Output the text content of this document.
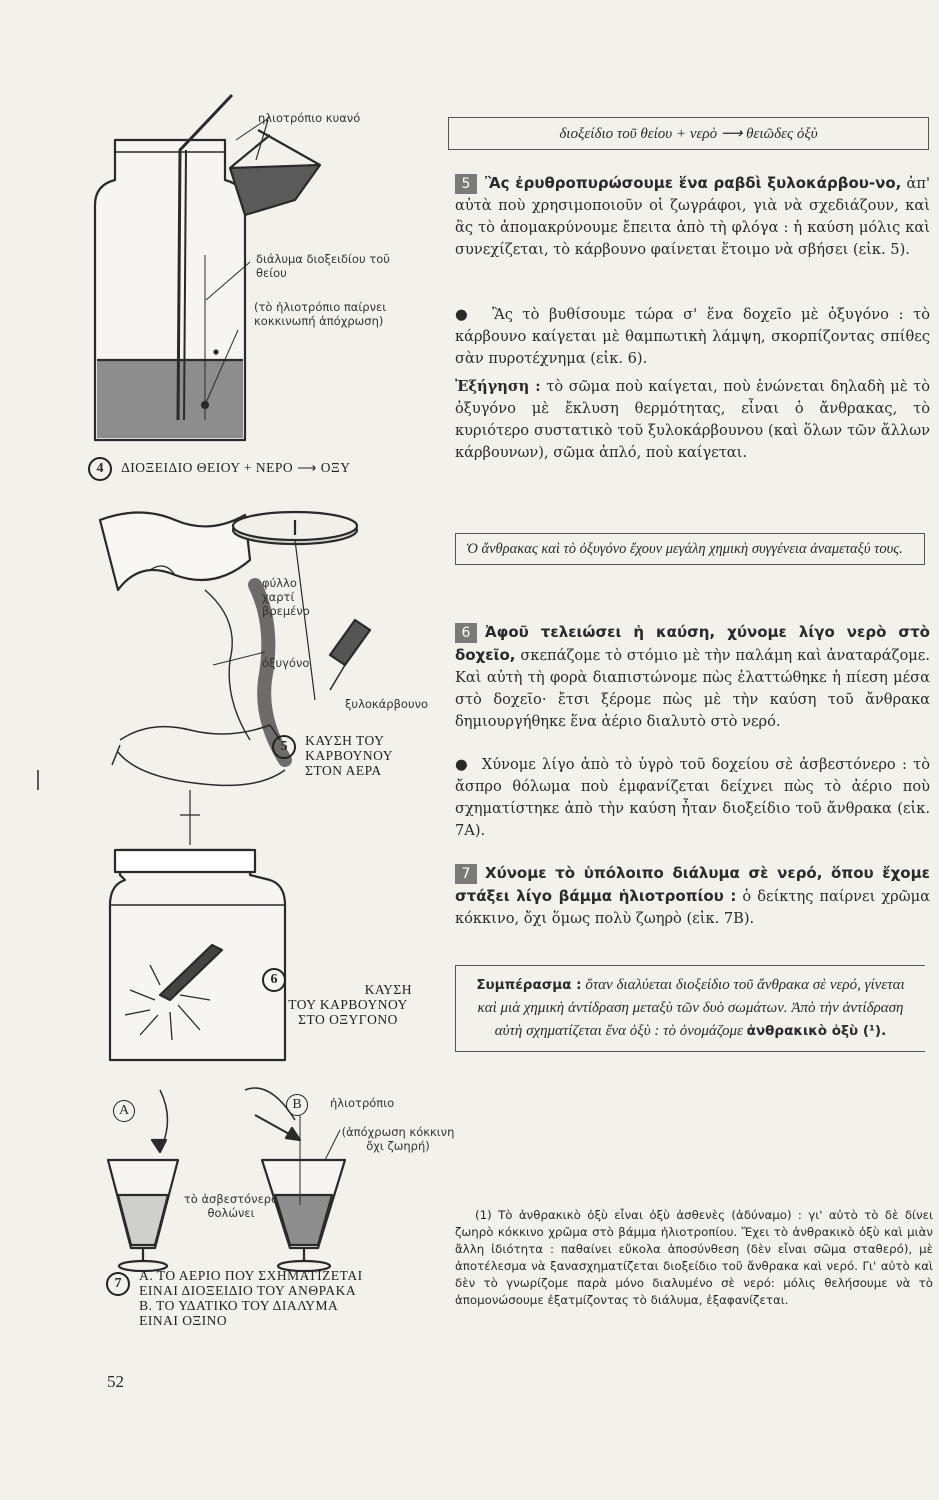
ηλιοτρόπιο κυανό
διάλυμα διοξειδίου τοῦ θείου
(τὸ ἡλιοτρόπιο παίρνει κοκκινωπή ἀπόχρωση)
4 ΔΙΟΞΕΙΔΙΟ ΘΕΙΟΥ + ΝΕΡΟ ⟶ ΟΞΥ
φύλλο χαρτί βρεμένο
ὀξυγόνο
ξυλοκάρβουνο
5 ΚΑΥΣΗ ΤΟΥ
ΚΑΡΒΟΥΝΟΥ
ΣΤΟΝ ΑΕΡΑ
6
ΚΑΥΣΗ
ΤΟΥ ΚΑΡΒΟΥΝΟΥ
ΣΤΟ ΟΞΥΓΟΝΟ
A	B	ἡλιοτρόπιο
(ἀπόχρωση κόκκινη ὄχι ζωηρή)
τὸ ἀσβεστόνερο θολώνει
7
Α. ΤΟ ΑΕΡΙΟ ΠΟΥ ΣΧΗΜΑΤΙΖΕΤΑΙ
ΕΙΝΑΙ ΔΙΟΞΕΙΔΙΟ ΤΟΥ ΑΝΘΡΑΚΑ
Β. ΤΟ ΥΔΑΤΙΚΟ ΤΟΥ ΔΙΑΛΥΜΑ
ΕΙΝΑΙ ΟΞΙΝΟ
52
διοξείδιο τοῦ θείου + νερὸ ⟶ θειῶδες ὀξὺ
5 Ἂς ἐρυθροπυρώσουμε ἕνα ραβδὶ ξυλοκάρβου-νο, ἀπ' αὐτὰ ποὺ χρησιμοποιοῦν οἱ ζωγράφοι, γιὰ νὰ σχεδιάζουν, καὶ ἂς τὸ ἀπομακρύνουμε ἔπειτα ἀπὸ τὴ φλόγα : ἡ καύση μόλις καὶ συνεχίζεται, τὸ κάρβουνο φαίνεται ἕτοιμο νὰ σβήσει (εἰκ. 5).
●  Ἂς τὸ βυθίσουμε τώρα σ' ἕνα δοχεῖο μὲ ὀξυγόνο : τὸ κάρβουνο καίγεται μὲ θαμπωτικὴ λάμψη, σκορπίζοντας σπίθες σὰν πυροτέχνημα (εἰκ. 6).
Ἐξήγηση : τὸ σῶμα ποὺ καίγεται, ποὺ ἑνώνεται δηλαδὴ μὲ τὸ ὀξυγόνο μὲ ἔκλυση θερμότητας, εἶναι ὁ ἄνθρακας, τὸ κυριότερο συστατικὸ τοῦ ξυλοκάρβουνου (καὶ ὅλων τῶν ἄλλων κάρβουνων), σῶμα ἁπλό, ποὺ καίγεται.
Ὁ ἄνθρακας καὶ τὸ ὀξυγόνο ἔχουν μεγάλη χημικὴ συγγένεια ἀναμεταξύ τους.
6 Ἀφοῦ τελειώσει ἡ καύση, χύνομε λίγο νερὸ στὸ δοχεῖο, σκεπάζομε τὸ στόμιο μὲ τὴν παλάμη καὶ ἀναταράζομε. Καὶ αὐτὴ τὴ φορὰ διαπιστώνομε πὼς ἐλαττώθηκε ἡ πίεση μέσα στὸ δοχεῖο· ἔτσι ξέρομε πὼς μὲ τὴν καύση τοῦ ἄνθρακα δημιουργήθηκε ἕνα ἀέριο διαλυτὸ στὸ νερό.
●  Χύνομε λίγο ἀπὸ τὸ ὑγρὸ τοῦ δοχείου σὲ ἀσβεστόνερο : τὸ ἄσπρο θόλωμα ποὺ ἐμφανίζεται δείχνει πὼς τὸ ἀέριο ποὺ σχηματίστηκε ἀπὸ τὴν καύση ἦταν διοξείδιο τοῦ ἄνθρακα (εἰκ. 7Α).
7 Χύνομε τὸ ὑπόλοιπο διάλυμα σὲ νερό, ὅπου ἔχομε στάξει λίγο βάμμα ἡλιοτροπίου : ὁ δείκτης παίρνει χρῶμα κόκκινο, ὄχι ὅμως πολὺ ζωηρὸ (εἰκ. 7Β).
Συμπέρασμα : ὅταν διαλύεται διοξείδιο τοῦ ἄνθρακα σὲ νερό, γίνεται καὶ μιὰ χημικὴ ἀντίδραση μεταξὺ τῶν δυὸ σωμάτων. Ἀπὸ τὴν ἀντίδραση αὐτὴ σχηματίζεται ἕνα ὀξὺ : τὸ ὀνομάζομε ἀνθρακικὸ ὀξὺ (¹).
(1) Τὸ ἀνθρακικὸ ὀξὺ εἶναι ὀξὺ ἀσθενὲς (ἀδύναμο) : γι' αὐτὸ τὸ δὲ δίνει ζωηρὸ κόκκινο χρῶμα στὸ βάμμα ἡλιοτροπίου. Ἔχει τὸ ἀνθρακικὸ ὀξὺ καὶ μιὰν ἄλλη ἰδιότητα : παθαίνει εὔκολα ἀποσύνθεση (δὲν εἶναι σῶμα σταθερό), μὲ ἀποτέλεσμα νὰ ξανασχηματίζεται διοξείδιο τοῦ ἄνθρακα καὶ νερό. Γι' αὐτὸ καὶ δὲν τὸ γνωρίζομε παρὰ μόνο διαλυμένο σὲ νερό: μόλις θελήσουμε νὰ τὸ ἀπομονώσουμε ἐξατμίζοντας τὸ διάλυμα, ἐξαφανίζεται.
